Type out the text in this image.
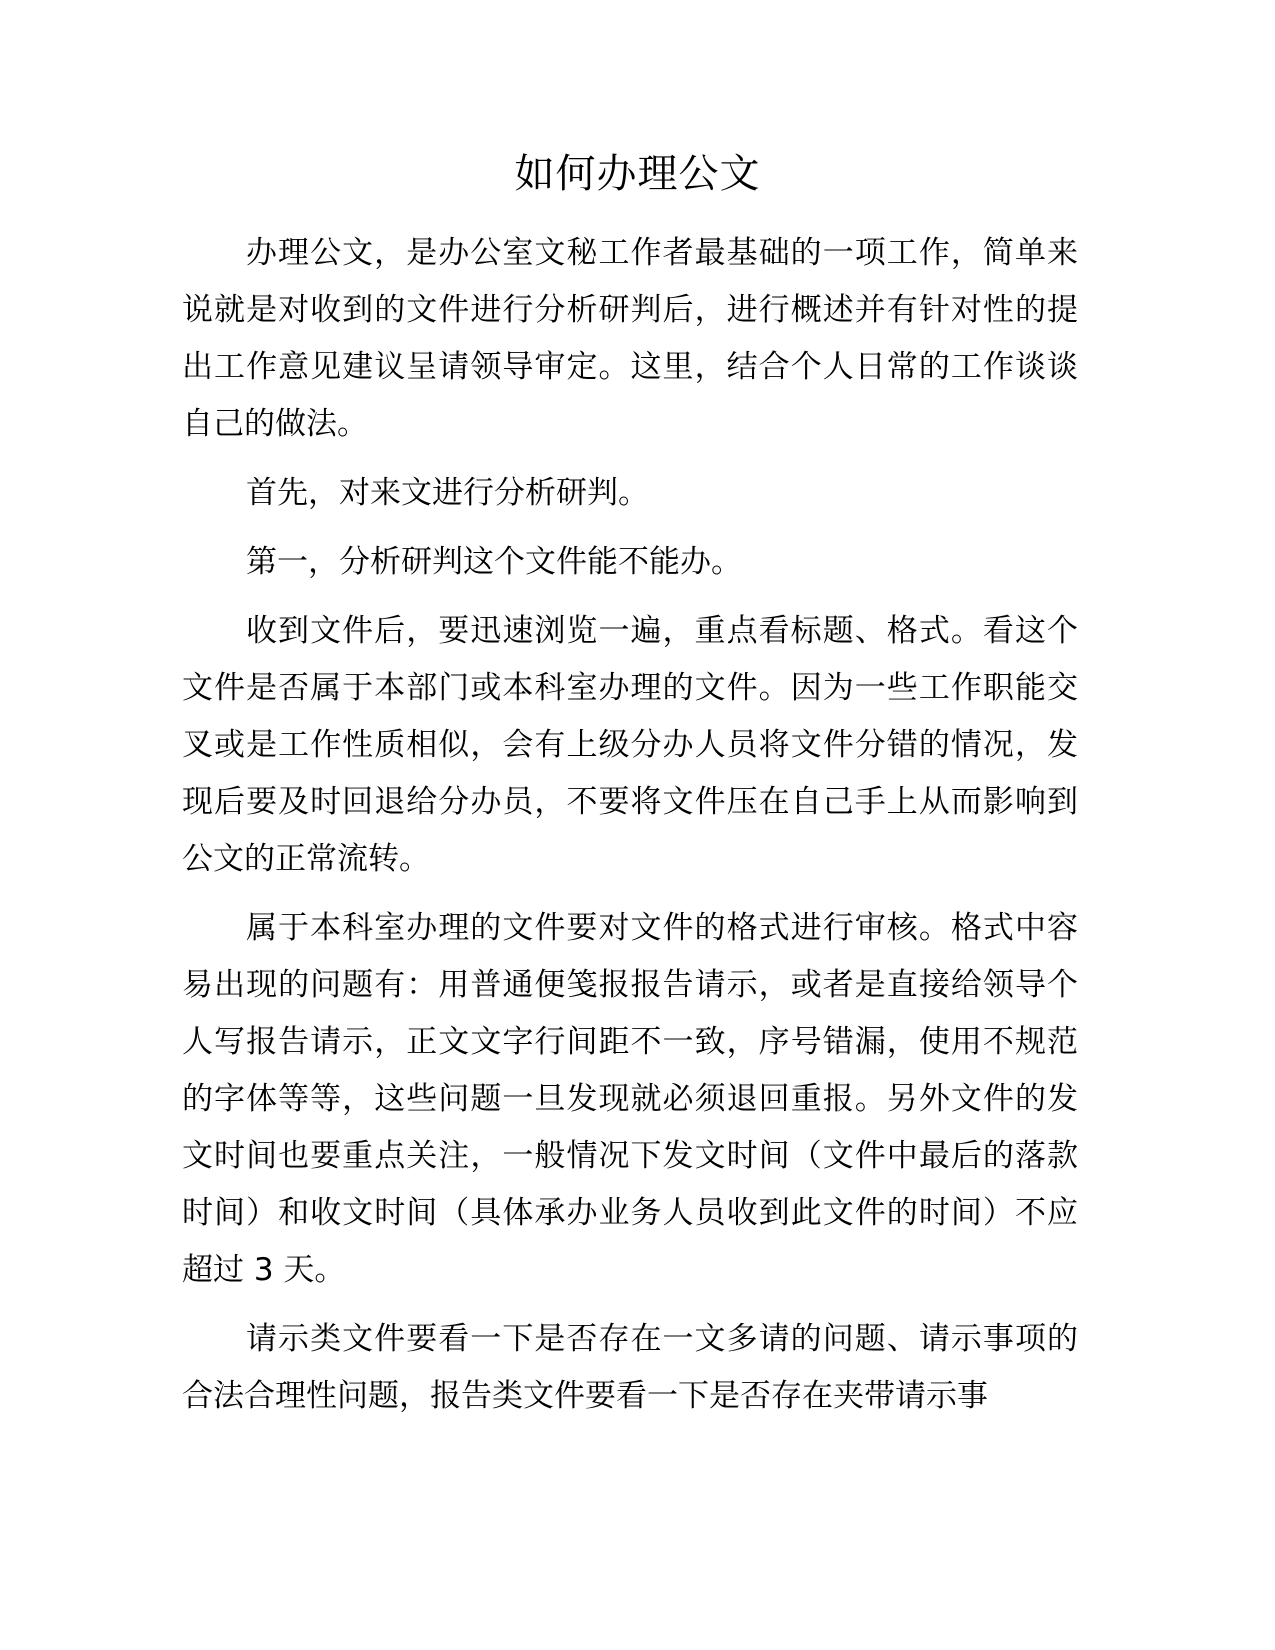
如何办理公文

办理公文，是办公室文秘工作者最基础的一项工作，简单来说就是对收到的文件进行分析研判后，进行概述并有针对性的提出工作意见建议呈请领导审定。这里，结合个人日常的工作谈谈自己的做法。

首先，对来文进行分析研判。

第一，分析研判这个文件能不能办。

收到文件后，要迅速浏览一遍，重点看标题、格式。看这个文件是否属于本部门或本科室办理的文件。因为一些工作职能交叉或是工作性质相似，会有上级分办人员将文件分错的情况，发现后要及时回退给分办员，不要将文件压在自己手上从而影响到公文的正常流转。

属于本科室办理的文件要对文件的格式进行审核。格式中容易出现的问题有：用普通便笺报报告请示，或者是直接给领导个人写报告请示，正文文字行间距不一致，序号错漏，使用不规范的字体等等，这些问题一旦发现就必须退回重报。另外文件的发文时间也要重点关注，一般情况下发文时间（文件中最后的落款时间）和收文时间（具体承办业务人员收到此文件的时间）不应超过 3 天。

请示类文件要看一下是否存在一文多请的问题、请示事项的合法合理性问题，报告类文件要看一下是否存在夹带请示事
